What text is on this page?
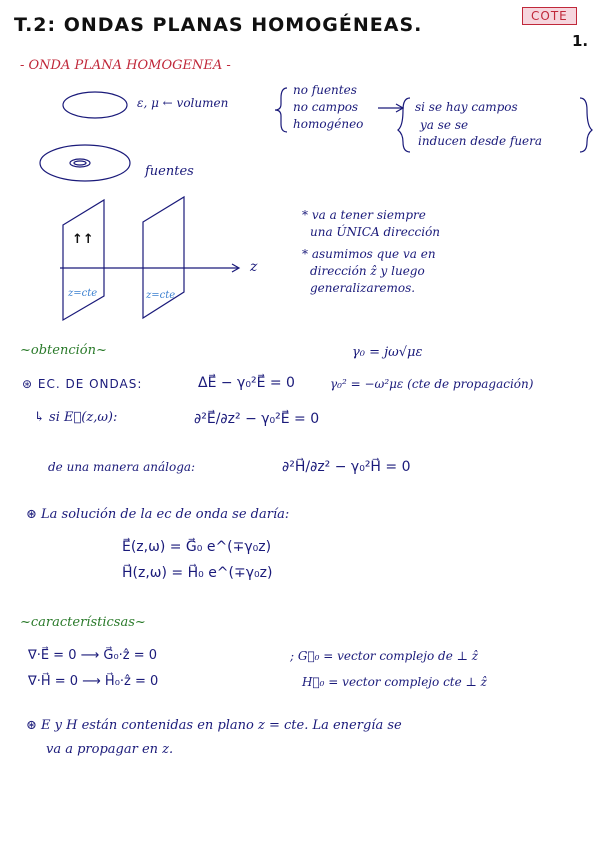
T.2: ONDAS PLANAS HOMOGÉNEAS.	COTE
1.
- ONDA PLANA HOMOGENEA -
ε, μ ← volumen
no fuentes
no campos
homogéneo
si se hay campos
ya se se
inducen desde fuera
fuentes
↑↑
z=cte	z=cte
z
* va a tener siempre
una ÚNICA dirección
* asumimos que va en
dirección ẑ y luego
generalizaremos.
~obtención~	γ₀ = jω√με
⊛ EC. DE ONDAS:	ΔE⃗ − γ₀²E⃗ = 0	γ₀² = −ω²με (cte de propagación)
↳ si E⃗(z,ω):	∂²E⃗/∂z² − γ₀²E⃗ = 0
de una manera análoga:	∂²H⃗/∂z² − γ₀²H⃗ = 0
⊛ La solución de la ec de onda se daría:
E⃗(z,ω) = G⃗₀ e^(∓γ₀z)
H⃗(z,ω) = H⃗₀ e^(∓γ₀z)
~característicsas~
∇·E⃗ = 0 ⟶ G⃗₀·ẑ = 0	; G⃗₀ = vector complejo de ⊥ ẑ
∇·H⃗ = 0 ⟶ H⃗₀·ẑ = 0	H⃗₀ = vector complejo cte ⊥ ẑ
⊛ E y H están contenidas en plano z = cte. La energía se
va a propagar en z.
